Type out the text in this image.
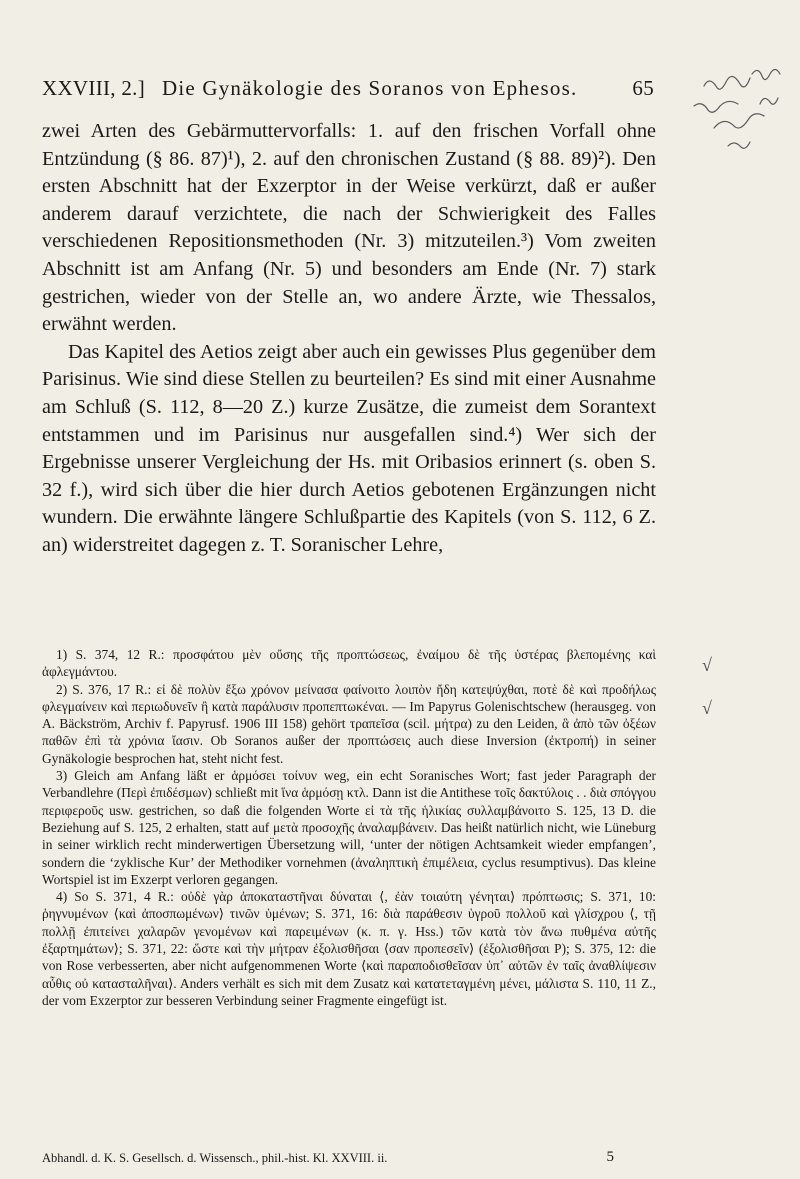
XXVIII, 2.] Die Gynäkologie des Soranos von Ephesos.	65

zwei Arten des Gebärmuttervorfalls: 1. auf den frischen Vorfall ohne Entzündung (§ 86. 87)¹), 2. auf den chronischen Zustand (§ 88. 89)²). Den ersten Abschnitt hat der Exzerptor in der Weise verkürzt, daß er außer anderem darauf verzichtete, die nach der Schwierigkeit des Falles verschiedenen Repositionsmethoden (Nr. 3) mitzuteilen.³) Vom zweiten Abschnitt ist am Anfang (Nr. 5) und besonders am Ende (Nr. 7) stark gestrichen, wieder von der Stelle an, wo andere Ärzte, wie Thessalos, erwähnt werden.

Das Kapitel des Aetios zeigt aber auch ein gewisses Plus gegenüber dem Parisinus. Wie sind diese Stellen zu beurteilen? Es sind mit einer Ausnahme am Schluß (S. 112, 8—20 Z.) kurze Zusätze, die zumeist dem Sorantext entstammen und im Parisinus nur ausgefallen sind.⁴) Wer sich der Ergebnisse unserer Vergleichung der Hs. mit Oribasios erinnert (s. oben S. 32 f.), wird sich über die hier durch Aetios gebotenen Ergänzungen nicht wundern. Die erwähnte längere Schlußpartie des Kapitels (von S. 112, 6 Z. an) widerstreitet dagegen z. T. Soranischer Lehre,

√
√

1) S. 374, 12 R.: προσφάτου μὲν οὔσης τῆς προπτώσεως, ἐναίμου δὲ τῆς ὑστέρας βλεπομένης καὶ ἀφλεγμάντου.

2) S. 376, 17 R.: εἰ δὲ πολὺν ἔξω χρόνον μείνασα φαίνοιτο λοιπὸν ἤδη κατεψύχθαι, ποτὲ δὲ καὶ προδήλως φλεγμαίνειν καὶ περιωδυνεῖν ἢ κατὰ παράλυσιν προπεπτωκέναι. — Im Papyrus Golenischtschew (herausgeg. von A. Bäckström, Archiv f. Papyrusf. 1906 III 158) gehört τραπεῖσα (scil. μήτρα) zu den Leiden, ἃ ἀπὸ τῶν ὀξέων παθῶν ἐπὶ τὰ χρόνια ἴασιν. Ob Soranos außer der προπτώσεις auch diese Inversion (ἐκτροπή) in seiner Gynäkologie besprochen hat, steht nicht fest.

3) Gleich am Anfang läßt er ἁρμόσει τοίνυν weg, ein echt Soranisches Wort; fast jeder Paragraph der Verbandlehre (Περὶ ἐπιδέσμων) schließt mit ἵνα ἁρμόσῃ κτλ. Dann ist die Antithese τοῖς δακτύλοις . . διὰ σπόγγου περιφεροῦς usw. gestrichen, so daß die folgenden Worte εἰ τὰ τῆς ἡλικίας συλλαμβάνοιτο S. 125, 13 D. die Beziehung auf S. 125, 2 erhalten, statt auf μετὰ προσοχῆς ἀναλαμβάνειν. Das heißt natürlich nicht, wie Lüneburg in seiner wirklich recht minderwertigen Übersetzung will, ‘unter der nötigen Achtsamkeit wieder empfangen’, sondern die ‘zyklische Kur’ der Methodiker vornehmen (ἀναληπτικὴ ἐπιμέλεια, cyclus resumptivus). Das kleine Wortspiel ist im Exzerpt verloren gegangen.

4) So S. 371, 4 R.: οὐδὲ γὰρ ἀποκαταστῆναι δύναται ⟨, ἐὰν τοιαύτη γένηται⟩ πρόπτωσις; S. 371, 10: ῥηγνυμένων ⟨καὶ ἀποσπωμένων⟩ τινῶν ὑμένων; S. 371, 16: διὰ παράθεσιν ὑγροῦ πολλοῦ καὶ γλίσχρου ⟨, τῇ πολλῇ ἐπιτείνει χαλαρῶν γενομένων καὶ παρειμένων (κ. π. γ. Hss.) τῶν κατὰ τὸν ἄνω πυθμένα αὐτῆς ἐξαρτημάτων⟩; S. 371, 22: ὥστε καὶ τὴν μήτραν ἐξολισθῆσαι ⟨σαν προπεσεῖν⟩ (ἐξολισθῆσαι P); S. 375, 12: die von Rose verbesserten, aber nicht aufgenommenen Worte ⟨καὶ παραποδισθεῖσαν ὑπ᾿ αὐτῶν ἐν ταῖς ἀναθλίψεσιν αὖθις οὐ κατασταλῆναι⟩. Anders verhält es sich mit dem Zusatz καὶ κατατεταγμένη μένει, μάλιστα S. 110, 11 Z., der vom Exzerptor zur besseren Verbindung seiner Fragmente eingefügt ist.

Abhandl. d. K. S. Gesellsch. d. Wissensch., phil.-hist. Kl. XXVIII. ii.	5
